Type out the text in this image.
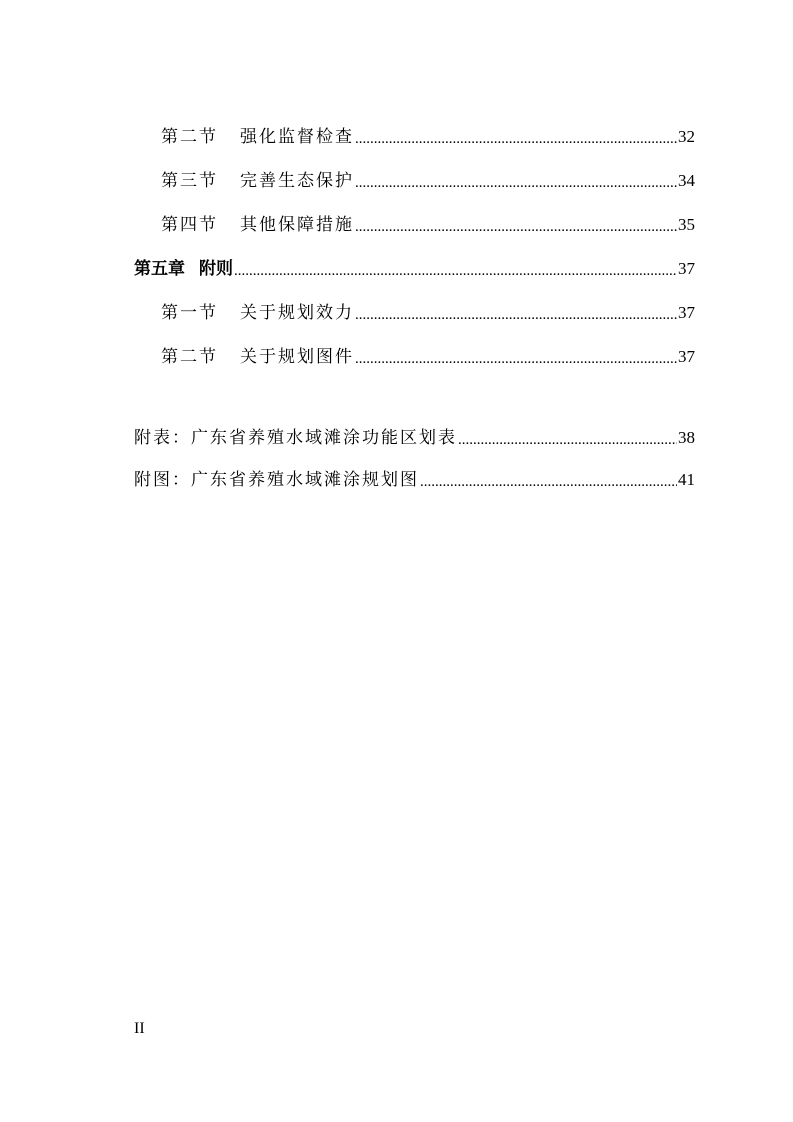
第二节 强化监督检查 .....	32
第三节 完善生态保护 .....	34
第四节 其他保障措施 .....	35
第五章 附则 .....	37
第一节 关于规划效力 .....	37
第二节 关于规划图件 .....	37
附表：广东省养殖水域滩涂功能区划表 .....	38
附图：广东省养殖水域滩涂规划图 .....	41
II
